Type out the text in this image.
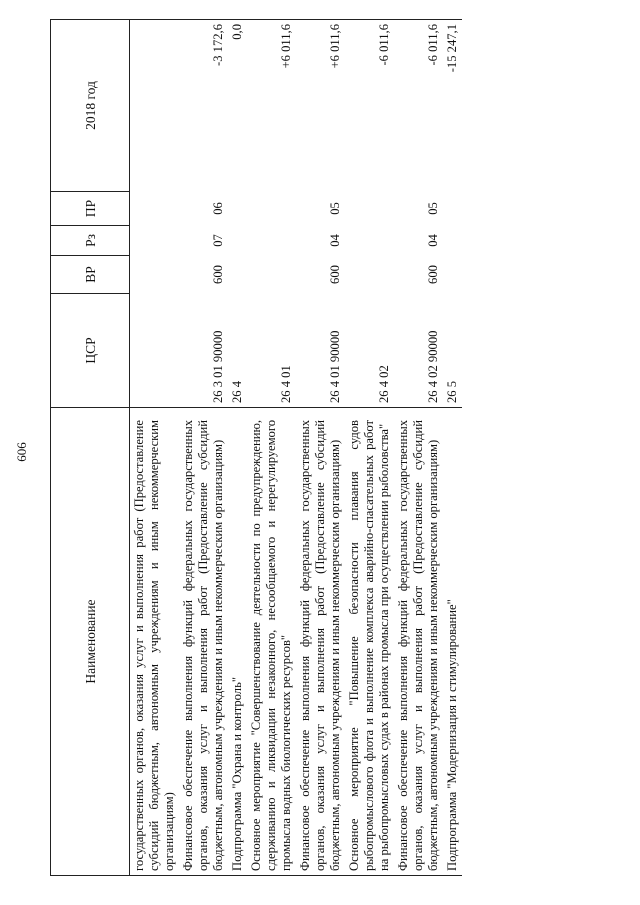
606
Наименование	ЦСР	ВР	Рз	ПР	2018 год
государственных органов, оказания услуг и выполнения работ (Предоставление субсидий бюджетным, автономным учреждениям и иным некоммерческим организациям)					
Финансовое обеспечение выполнения функций федеральных государственных органов, оказания услуг и выполнения работ (Предоставление субсидий бюджетным, автономным учреждениям и иным некоммерческим организациям)	26 3 01 90000	600	07	06	-3 172,6
Подпрограмма "Охрана и контроль"	26 4				0,0
Основное мероприятие "Совершенствование деятельности по предупреждению, сдерживанию и ликвидации незаконного, несообщаемого и нерегулируемого промысла водных биологических ресурсов"	26 4 01				+6 011,6
Финансовое обеспечение выполнения функций федеральных государственных органов, оказания услуг и выполнения работ (Предоставление субсидий бюджетным, автономным учреждениям и иным некоммерческим организациям)	26 4 01 90000	600	04	05	+6 011,6
Основное мероприятие "Повышение безопасности плавания судов рыбопромыслового флота и выполнение комплекса аварийно-спасательных работ на рыбопромысловых судах в районах промысла при осуществлении рыболовства"	26 4 02				-6 011,6
Финансовое обеспечение выполнения функций федеральных государственных органов, оказания услуг и выполнения работ (Предоставление субсидий бюджетным, автономным учреждениям и иным некоммерческим организациям)	26 4 02 90000	600	04	05	-6 011,6
Подпрограмма "Модернизация и стимулирование"	26 5				-15 247,1
